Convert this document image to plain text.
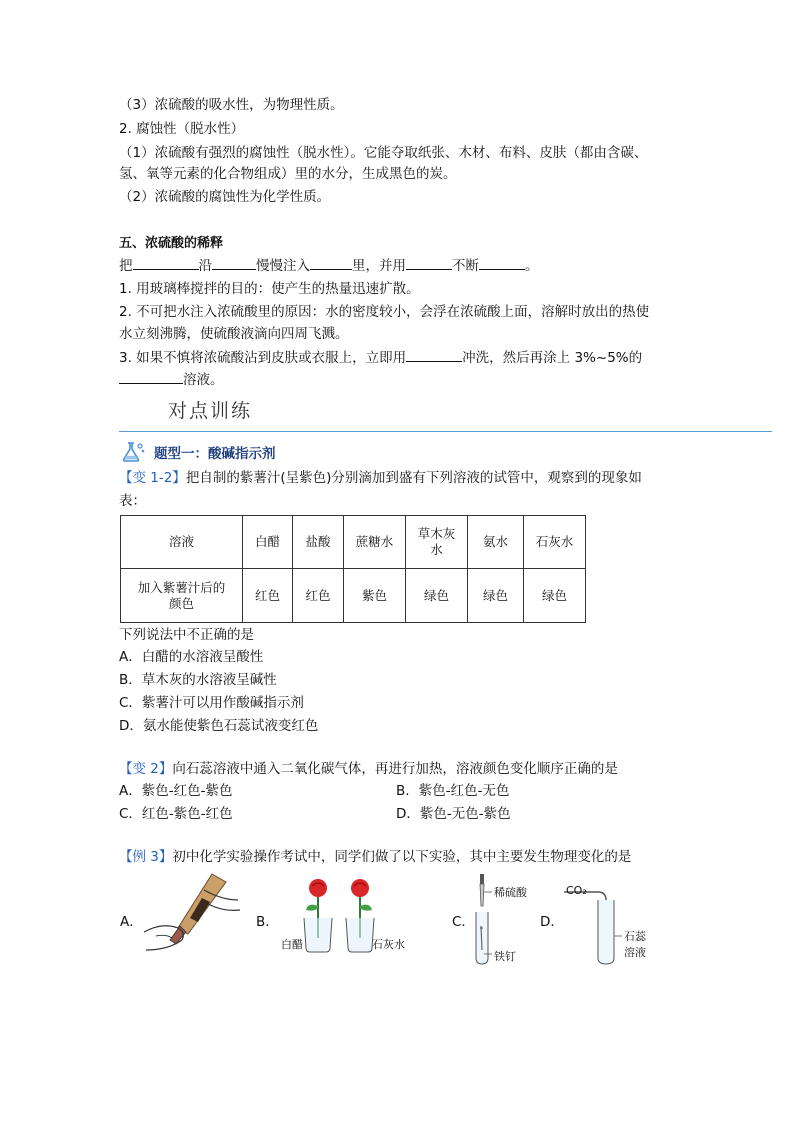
（3）浓硫酸的吸水性，为物理性质。
2. 腐蚀性（脱水性）
（1）浓硫酸有强烈的腐蚀性（脱水性）。它能夺取纸张、木材、布料、皮肤（都由含碳、
氢、氧等元素的化合物组成）里的水分，生成黑色的炭。
（2）浓硫酸的腐蚀性为化学性质。
五、浓硫酸的稀释
把	沿	慢慢注入	里，并用	不断	。
1. 用玻璃棒搅拌的目的：使产生的热量迅速扩散。
2. 不可把水注入浓硫酸里的原因：水的密度较小，会浮在浓硫酸上面，溶解时放出的热使
水立刻沸腾，使硫酸液滴向四周飞溅。
3. 如果不慎将浓硫酸沾到皮肤或衣服上，立即用	冲洗，然后再涂上 3%~5%的
溶液。
对点训练
题型一：酸碱指示剂
【变 1-2】把自制的紫薯汁(呈紫色)分别滴加到盛有下列溶液的试管中，观察到的现象如
表：
溶液	白醋	盐酸	蔗糖水	草木灰
水	氨水	石灰水
加入紫薯汁后的
颜色	红色	红色	紫色	绿色	绿色	绿色
下列说法中不正确的是
A．白醋的水溶液呈酸性
B．草木灰的水溶液呈碱性
C．紫薯汁可以用作酸碱指示剂
D．氨水能使紫色石蕊试液变红色
【变 2】向石蕊溶液中通入二氧化碳气体，再进行加热，溶液颜色变化顺序正确的是
A．紫色-红色-紫色	B．紫色-红色-无色
C．红色-紫色-红色	D．紫色-无色-紫色
【例 3】初中化学实验操作考试中，同学们做了以下实验，其中主要发生物理变化的是
A．	B．
白醋	石灰水
C．
稀硫酸
铁钉
D．
CO₂
石蕊
溶液
